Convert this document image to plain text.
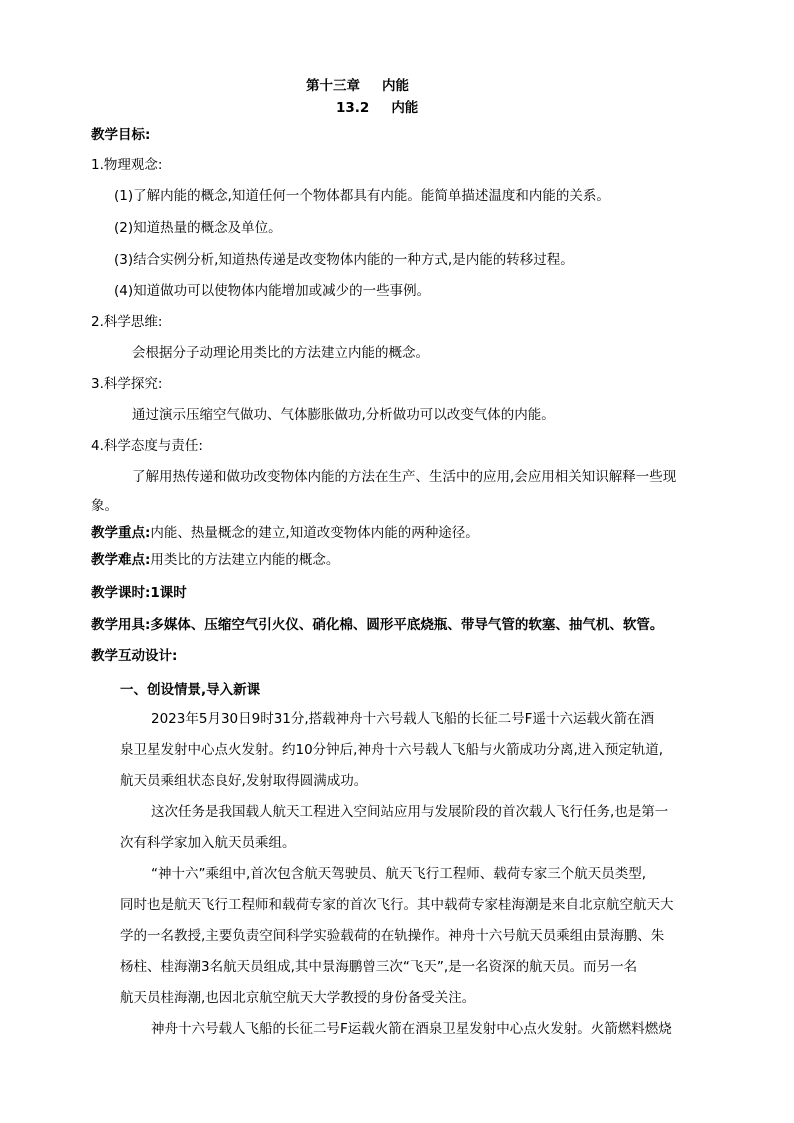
第十三章 内能
13.2 内能
教学目标:
1.物理观念:
(1)了解内能的概念,知道任何一个物体都具有内能。能简单描述温度和内能的关系。
(2)知道热量的概念及单位。
(3)结合实例分析,知道热传递是改变物体内能的一种方式,是内能的转移过程。
(4)知道做功可以使物体内能增加或减少的一些事例。
2.科学思维:
会根据分子动理论用类比的方法建立内能的概念。
3.科学探究:
通过演示压缩空气做功、气体膨胀做功,分析做功可以改变气体的内能。
4.科学态度与责任:
了解用热传递和做功改变物体内能的方法在生产、生活中的应用,会应用相关知识解释一些现
象。
教学重点:内能、热量概念的建立,知道改变物体内能的两种途径。
教学难点:用类比的方法建立内能的概念。
教学课时:1课时
教学用具:多媒体、压缩空气引火仪、硝化棉、圆形平底烧瓶、带导气管的软塞、抽气机、软管。
教学互动设计:
一、创设情景,导入新课
2023年5月30日9时31分,搭载神舟十六号载人飞船的长征二号F遥十六运载火箭在酒
泉卫星发射中心点火发射。约10分钟后,神舟十六号载人飞船与火箭成功分离,进入预定轨道,
航天员乘组状态良好,发射取得圆满成功。
这次任务是我国载人航天工程进入空间站应用与发展阶段的首次载人飞行任务,也是第一
次有科学家加入航天员乘组。
“神十六”乘组中,首次包含航天驾驶员、航天飞行工程师、载荷专家三个航天员类型,
同时也是航天飞行工程师和载荷专家的首次飞行。其中载荷专家桂海潮是来自北京航空航天大
学的一名教授,主要负责空间科学实验载荷的在轨操作。神舟十六号航天员乘组由景海鹏、朱
杨柱、桂海潮3名航天员组成,其中景海鹏曾三次“飞天”,是一名资深的航天员。而另一名
航天员桂海潮,也因北京航空航天大学教授的身份备受关注。
神舟十六号载人飞船的长征二号F运载火箭在酒泉卫星发射中心点火发射。火箭燃料燃烧
